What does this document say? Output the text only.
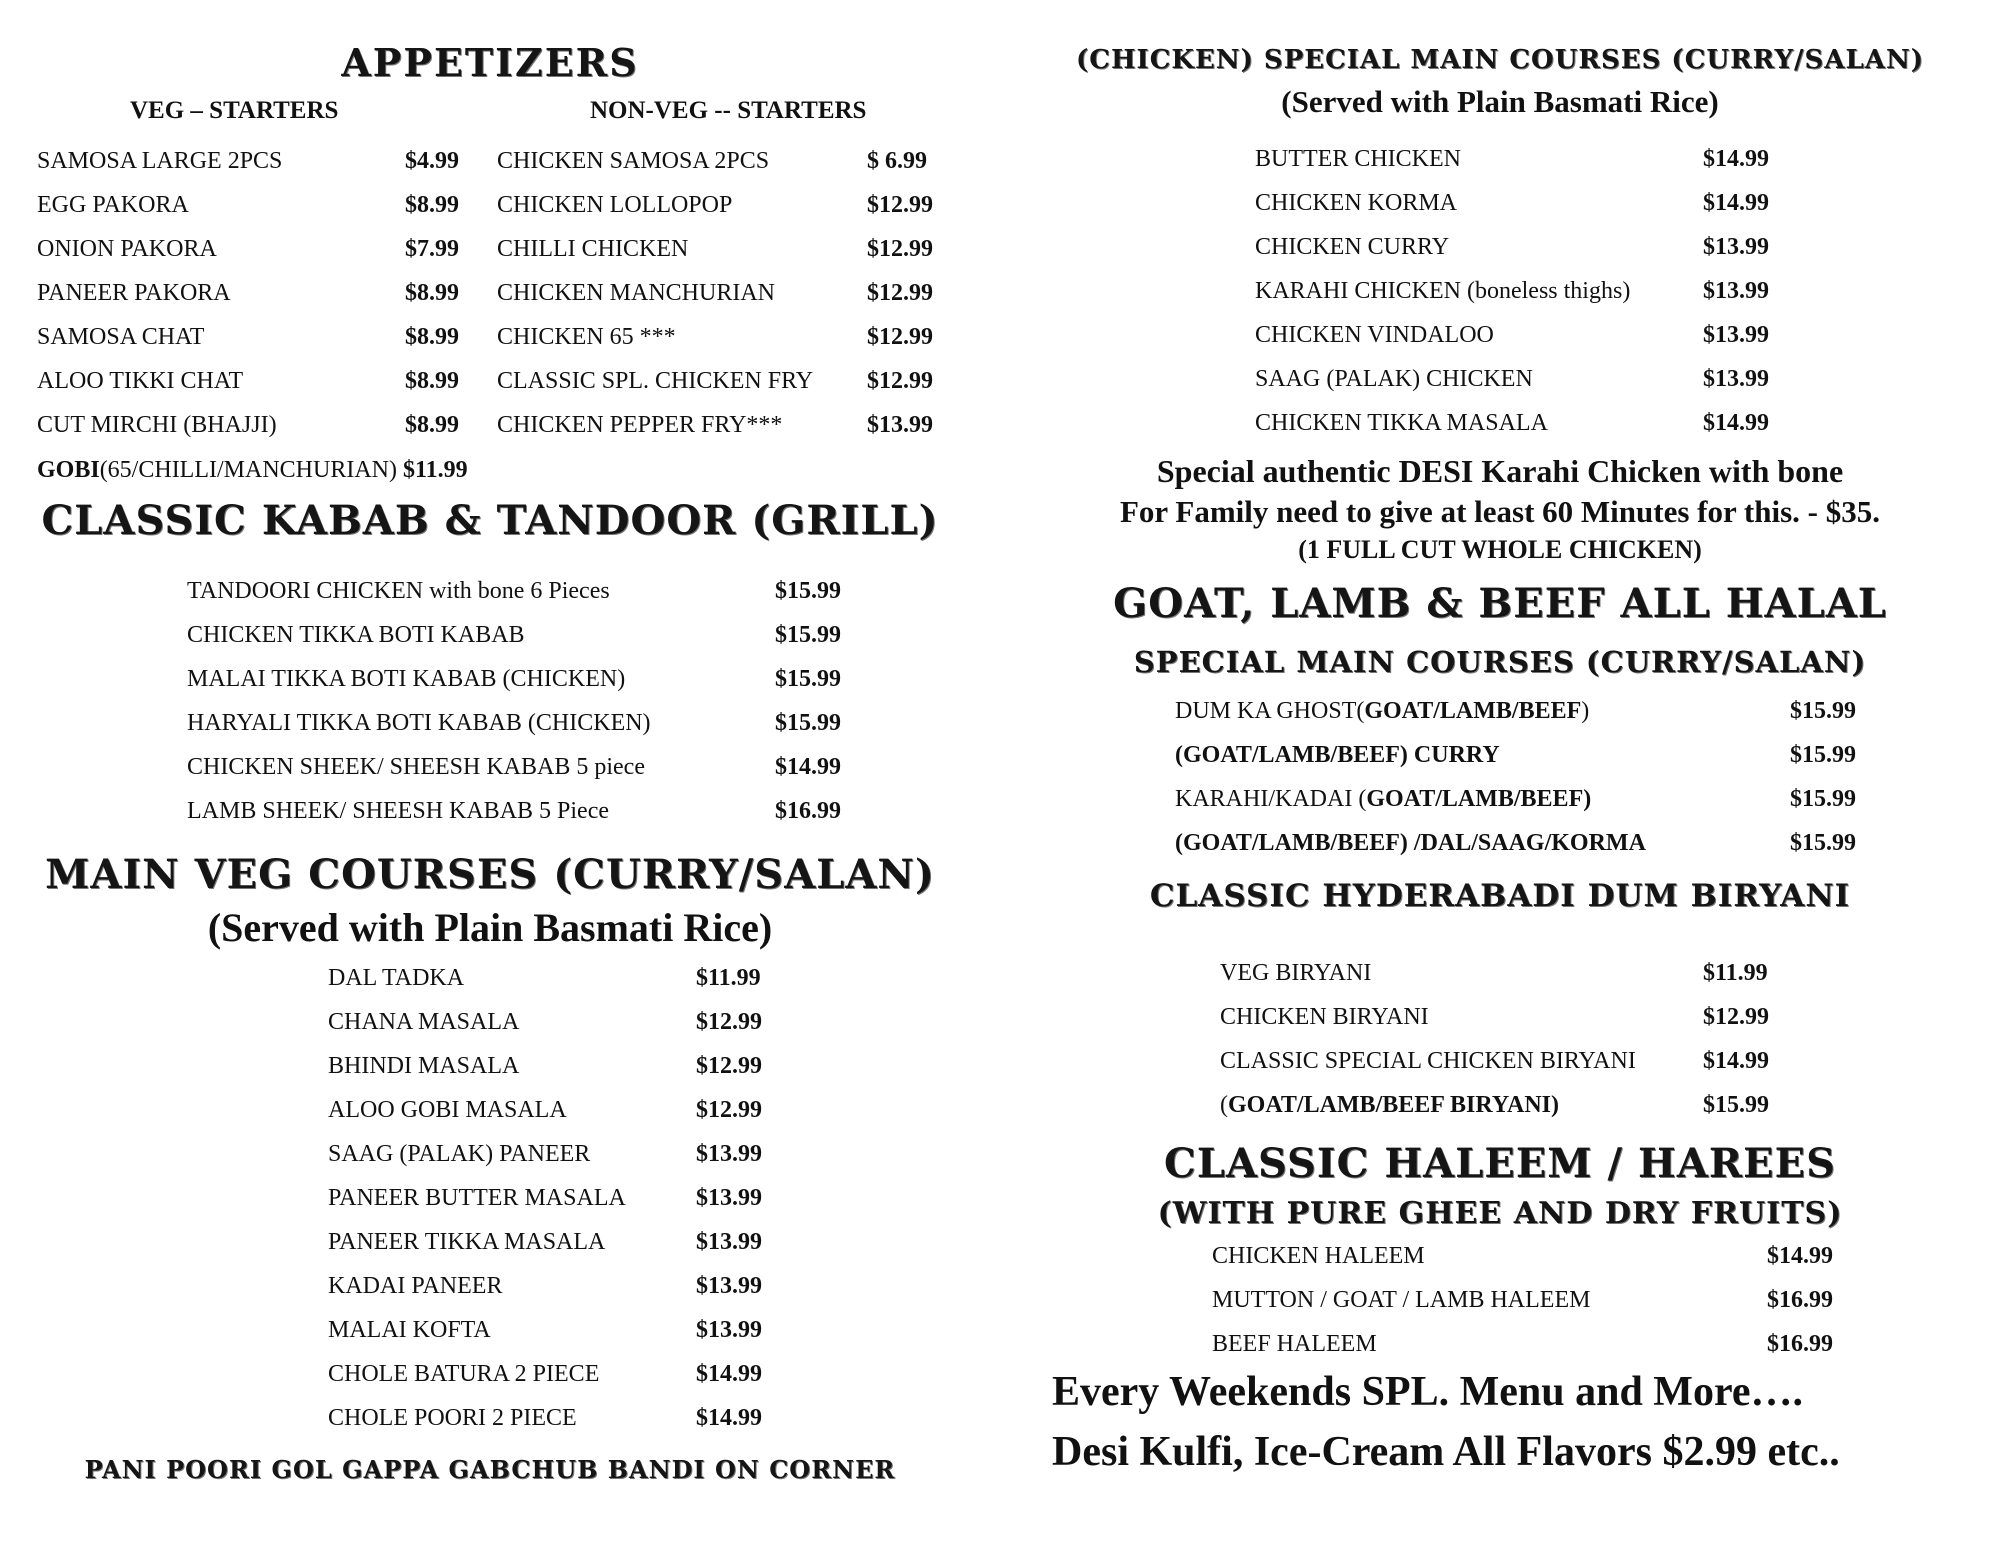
APPETIZERS
VEG – STARTERS	NON-VEG -- STARTERS
SAMOSA LARGE 2PCS	$4.99
EGG PAKORA	$8.99
ONION PAKORA	$7.99
PANEER PAKORA	$8.99
SAMOSA CHAT	$8.99
ALOO TIKKI CHAT	$8.99
CUT MIRCHI (BHAJJI)	$8.99
CHICKEN SAMOSA 2PCS	$ 6.99
CHICKEN LOLLOPOP	$12.99
CHILLI CHICKEN	$12.99
CHICKEN MANCHURIAN	$12.99
CHICKEN 65 ***	$12.99
CLASSIC SPL. CHICKEN FRY $12.99
CHICKEN PEPPER FRY***	$13.99
GOBI(65/CHILLI/MANCHURIAN) $11.99
CLASSIC KABAB & TANDOOR (GRILL)
TANDOORI CHICKEN with bone 6 Pieces	$15.99
CHICKEN TIKKA BOTI KABAB	$15.99
MALAI TIKKA BOTI KABAB (CHICKEN)	$15.99
HARYALI TIKKA BOTI KABAB (CHICKEN)	$15.99
CHICKEN SHEEK/ SHEESH KABAB 5 piece	$14.99
LAMB SHEEK/ SHEESH KABAB 5 Piece	$16.99
MAIN VEG COURSES (CURRY/SALAN)
(Served with Plain Basmati Rice)
DAL TADKA	$11.99
CHANA MASALA	$12.99
BHINDI MASALA	$12.99
ALOO GOBI MASALA	$12.99
SAAG (PALAK) PANEER	$13.99
PANEER BUTTER MASALA	$13.99
PANEER TIKKA MASALA	$13.99
KADAI PANEER	$13.99
MALAI KOFTA	$13.99
CHOLE BATURA 2 PIECE	$14.99
CHOLE POORI 2 PIECE	$14.99
PANI POORI GOL GAPPA GABCHUB BANDI ON CORNER
(CHICKEN) SPECIAL MAIN COURSES (CURRY/SALAN)
(Served with Plain Basmati Rice)
BUTTER CHICKEN	$14.99
CHICKEN KORMA	$14.99
CHICKEN CURRY	$13.99
KARAHI CHICKEN (boneless thighs)	$13.99
CHICKEN VINDALOO	$13.99
SAAG (PALAK) CHICKEN	$13.99
CHICKEN TIKKA MASALA	$14.99
Special authentic DESI Karahi Chicken with bone
For Family need to give at least 60 Minutes for this. - $35.
(1 FULL CUT WHOLE CHICKEN)
GOAT, LAMB & BEEF ALL HALAL
SPECIAL MAIN COURSES (CURRY/SALAN)
DUM KA GHOST(GOAT/LAMB/BEEF)	$15.99
(GOAT/LAMB/BEEF) CURRY	$15.99
KARAHI/KADAI (GOAT/LAMB/BEEF)	$15.99
(GOAT/LAMB/BEEF) /DAL/SAAG/KORMA	$15.99
CLASSIC HYDERABADI DUM BIRYANI
VEG BIRYANI	$11.99
CHICKEN BIRYANI	$12.99
CLASSIC SPECIAL CHICKEN BIRYANI	$14.99
(GOAT/LAMB/BEEF BIRYANI)	$15.99
CLASSIC HALEEM / HAREES
(WITH PURE GHEE AND DRY FRUITS)
CHICKEN HALEEM	$14.99
MUTTON / GOAT / LAMB HALEEM	$16.99
BEEF HALEEM	$16.99
Every Weekends SPL. Menu and More….
Desi Kulfi, Ice-Cream All Flavors $2.99 etc..
